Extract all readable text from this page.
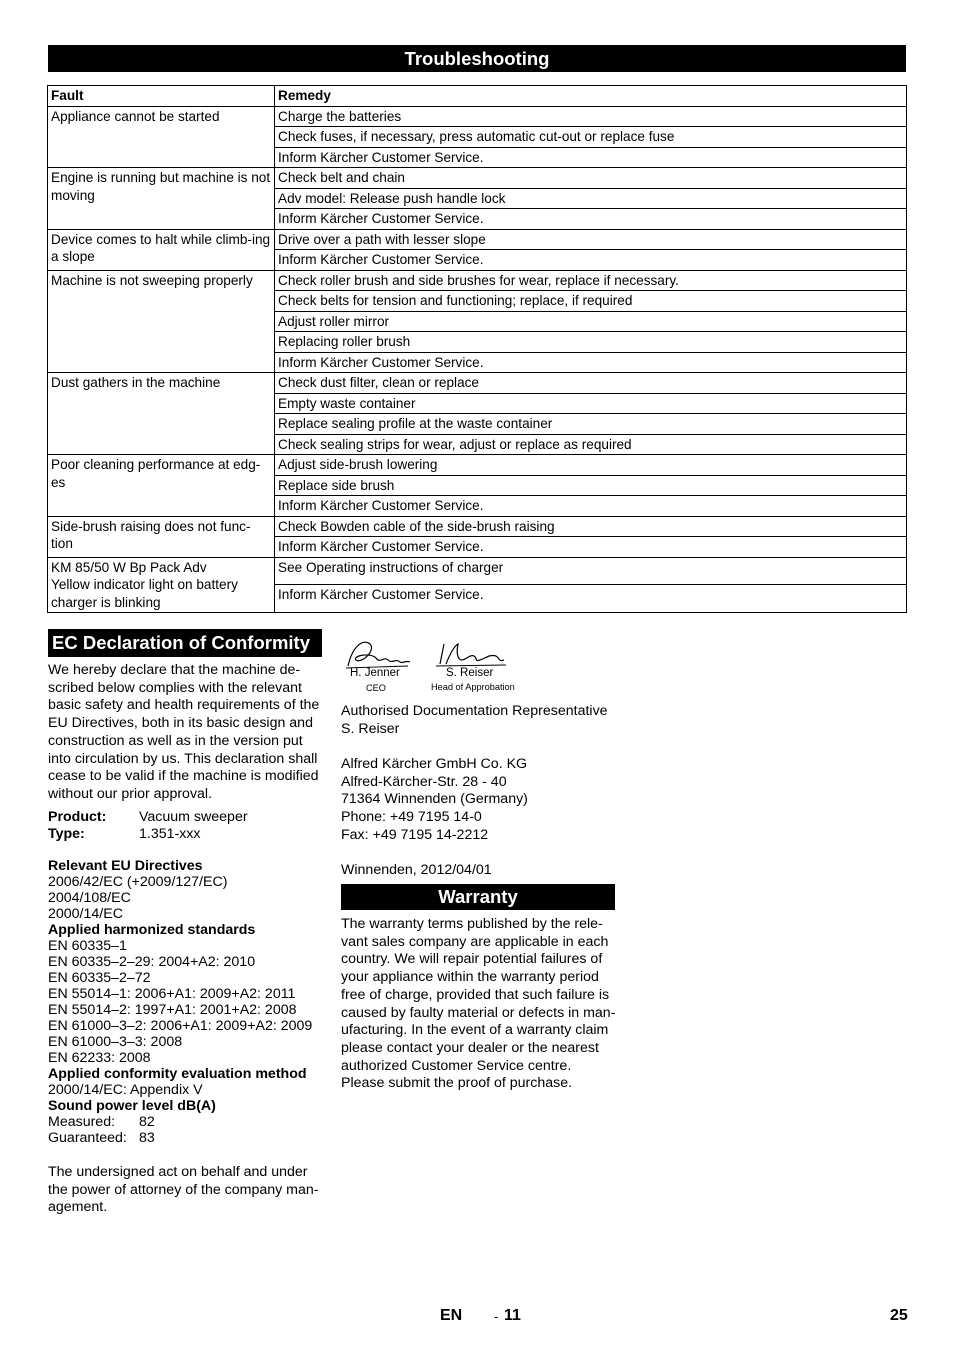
Troubleshooting
Fault	Remedy
Appliance cannot be started	Charge the batteries
	Check fuses, if necessary, press automatic cut-out or replace fuse
	Inform Kärcher Customer Service.
Engine is running but machine is not moving	Check belt and chain
	Adv model: Release push handle lock
	Inform Kärcher Customer Service.
Device comes to halt while climb-ing a slope	Drive over a path with lesser slope
	Inform Kärcher Customer Service.
Machine is not sweeping properly	Check roller brush and side brushes for wear, replace if necessary.
	Check belts for tension and functioning; replace, if required
	Adjust roller mirror
	Replacing roller brush
	Inform Kärcher Customer Service.
Dust gathers in the machine	Check dust filter, clean or replace
	Empty waste container
	Replace sealing profile at the waste container
	Check sealing strips for wear, adjust or replace as required
Poor cleaning performance at edg-es	Adjust side-brush lowering
	Replace side brush
	Inform Kärcher Customer Service.
Side-brush raising does not func-tion	Check Bowden cable of the side-brush raising
	Inform Kärcher Customer Service.
KM 85/50 W Bp Pack Adv
Yellow indicator light on battery charger is blinking	See Operating instructions of charger
	Inform Kärcher Customer Service.
EC Declaration of Conformity
We hereby declare that the machine de-scribed below complies with the relevant basic safety and health requirements of the EU Directives, both in its basic design and construction as well as in the version put into circulation by us. This declaration shall cease to be valid if the machine is modified without our prior approval.
Product:	Vacuum sweeper
Type:	1.351-xxx
Relevant EU Directives
2006/42/EC (+2009/127/EC)
2004/108/EC
2000/14/EC
Applied harmonized standards
EN 60335–1
EN 60335–2–29: 2004+A2: 2010
EN 60335–2–72
EN 55014–1: 2006+A1: 2009+A2: 2011
EN 55014–2: 1997+A1: 2001+A2: 2008
EN 61000–3–2: 2006+A1: 2009+A2: 2009
EN 61000–3–3: 2008
EN 62233: 2008
Applied conformity evaluation method
2000/14/EC: Appendix V
Sound power level dB(A)
Measured:	82
Guaranteed: 83
The undersigned act on behalf and under the power of attorney of the company man-agement.
H. Jenner
CEO
S. Reiser
Head of Approbation
Authorised Documentation Representative
S. Reiser
Alfred Kärcher GmbH Co. KG
Alfred-Kärcher-Str. 28 - 40
71364 Winnenden (Germany)
Phone: +49 7195 14-0
Fax: +49 7195 14-2212
Winnenden, 2012/04/01
Warranty
The warranty terms published by the rele-vant sales company are applicable in each country. We will repair potential failures of your appliance within the warranty period free of charge, provided that such failure is caused by faulty material or defects in man-ufacturing. In the event of a warranty claim please contact your dealer or the nearest authorized Customer Service centre. Please submit the proof of purchase.
EN - 11	25
